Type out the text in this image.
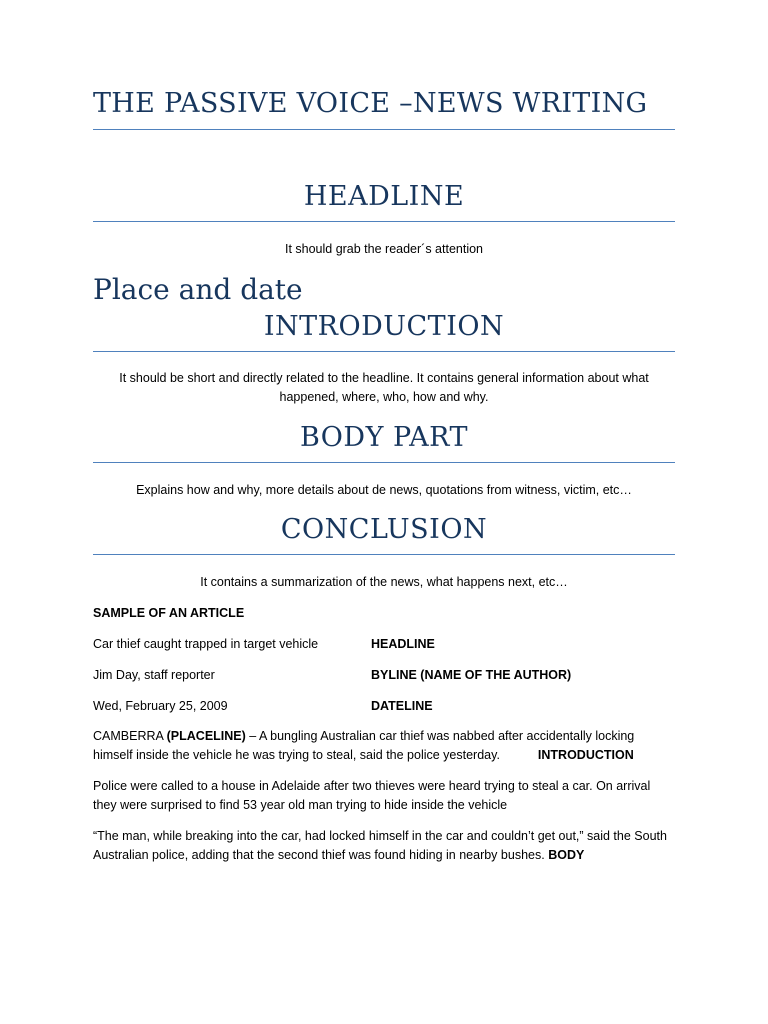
THE PASSIVE VOICE –NEWS WRITING
HEADLINE
It should grab the reader´s attention
Place and date
INTRODUCTION
It should be short and directly related to the headline. It contains general information about what happened, where, who, how and why.
BODY PART
Explains how and why, more details about de news, quotations from witness, victim, etc…
CONCLUSION
It contains a summarization of the news, what happens next, etc…
SAMPLE OF AN ARTICLE
Car thief caught trapped in target vehicle	HEADLINE
Jim Day, staff reporter	BYLINE (NAME OF THE AUTHOR)
Wed, February 25, 2009	DATELINE
CAMBERRA (PLACELINE) – A bungling Australian car thief was nabbed after accidentally locking himself inside the vehicle he was trying to steal, said the police yesterday.	INTRODUCTION
Police were called to a house in Adelaide after two thieves were heard trying to steal a car. On arrival they were surprised to find 53 year old man trying to hide inside the vehicle
“The man, while breaking into the car, had locked himself in the car and couldn’t get out,” said the South Australian police, adding that the second thief was found hiding in nearby bushes. BODY
